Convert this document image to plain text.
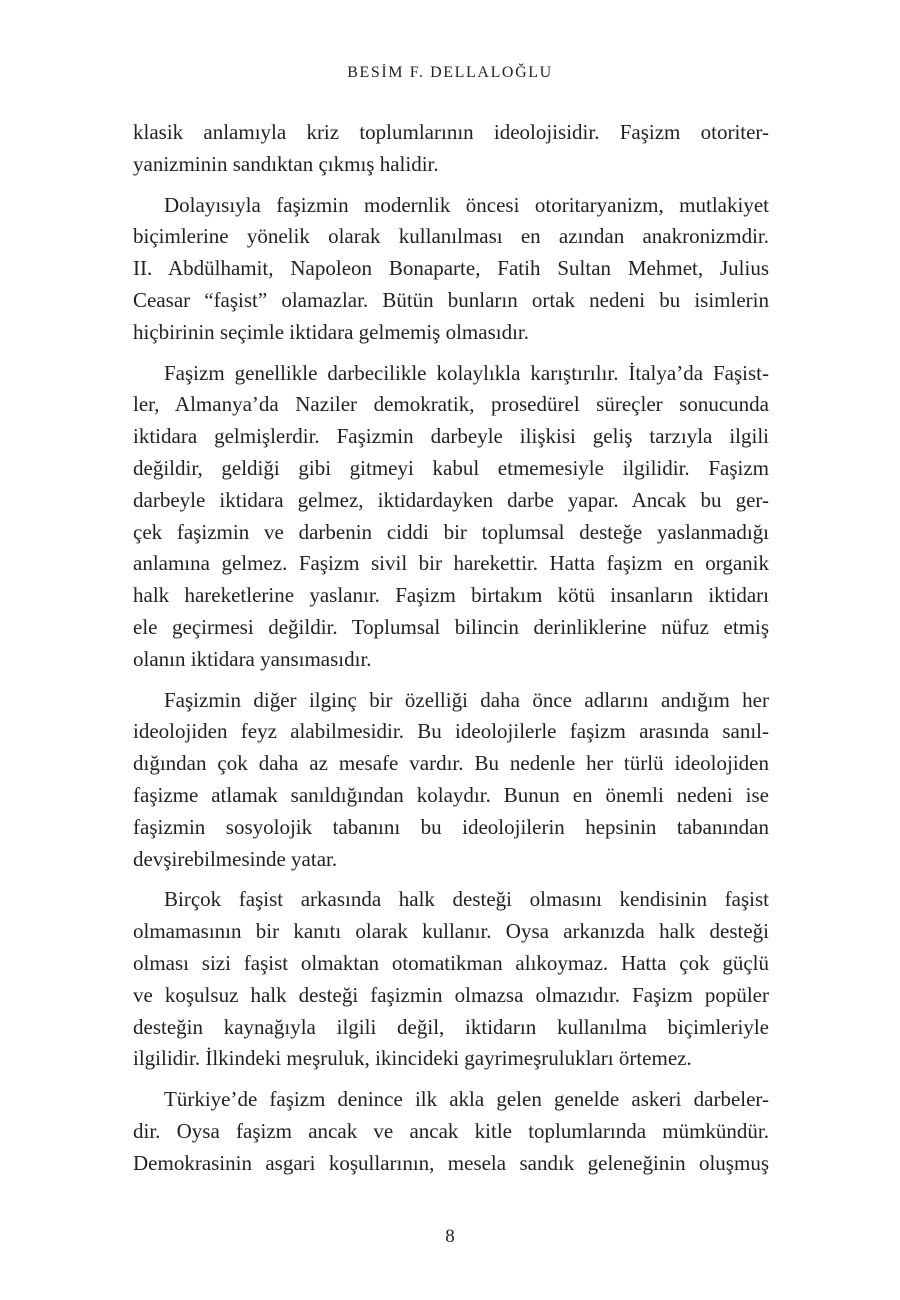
BESİM F. DELLALOĞLU

klasik anlamıyla kriz toplumlarının ideolojisidir. Faşizm otoriter-
yanizminin sandıktan çıkmış halidir.

Dolayısıyla faşizmin modernlik öncesi otoritaryanizm, mutlakiyet
biçimlerine yönelik olarak kullanılması en azından anakronizmdir.
II. Abdülhamit, Napoleon Bonaparte, Fatih Sultan Mehmet, Julius
Ceasar “faşist” olamazlar. Bütün bunların ortak nedeni bu isimlerin
hiçbirinin seçimle iktidara gelmemiş olmasıdır.

Faşizm genellikle darbecilikle kolaylıkla karıştırılır. İtalya’da Faşist-
ler, Almanya’da Naziler demokratik, prosedürel süreçler sonucunda
iktidara gelmişlerdir. Faşizmin darbeyle ilişkisi geliş tarzıyla ilgili
değildir, geldiği gibi gitmeyi kabul etmemesiyle ilgilidir. Faşizm
darbeyle iktidara gelmez, iktidardayken darbe yapar. Ancak bu ger-
çek faşizmin ve darbenin ciddi bir toplumsal desteğe yaslanmadığı
anlamına gelmez. Faşizm sivil bir harekettir. Hatta faşizm en organik
halk hareketlerine yaslanır. Faşizm birtakım kötü insanların iktidarı
ele geçirmesi değildir. Toplumsal bilincin derinliklerine nüfuz etmiş
olanın iktidara yansımasıdır.

Faşizmin diğer ilginç bir özelliği daha önce adlarını andığım her
ideolojiden feyz alabilmesidir. Bu ideolojilerle faşizm arasında sanıl-
dığından çok daha az mesafe vardır. Bu nedenle her türlü ideolojiden
faşizme atlamak sanıldığından kolaydır. Bunun en önemli nedeni ise
faşizmin sosyolojik tabanını bu ideolojilerin hepsinin tabanından
devşirebilmesinde yatar.

Birçok faşist arkasında halk desteği olmasını kendisinin faşist
olmamasının bir kanıtı olarak kullanır. Oysa arkanızda halk desteği
olması sizi faşist olmaktan otomatikman alıkoymaz. Hatta çok güçlü
ve koşulsuz halk desteği faşizmin olmazsa olmazıdır. Faşizm popüler
desteğin kaynağıyla ilgili değil, iktidarın kullanılma biçimleriyle
ilgilidir. İlkindeki meşruluk, ikincideki gayrimeşrulukları örtemez.

Türkiye’de faşizm denince ilk akla gelen genelde askeri darbeler-
dir. Oysa faşizm ancak ve ancak kitle toplumlarında mümkündür.
Demokrasinin asgari koşullarının, mesela sandık geleneğinin oluşmuş

8
